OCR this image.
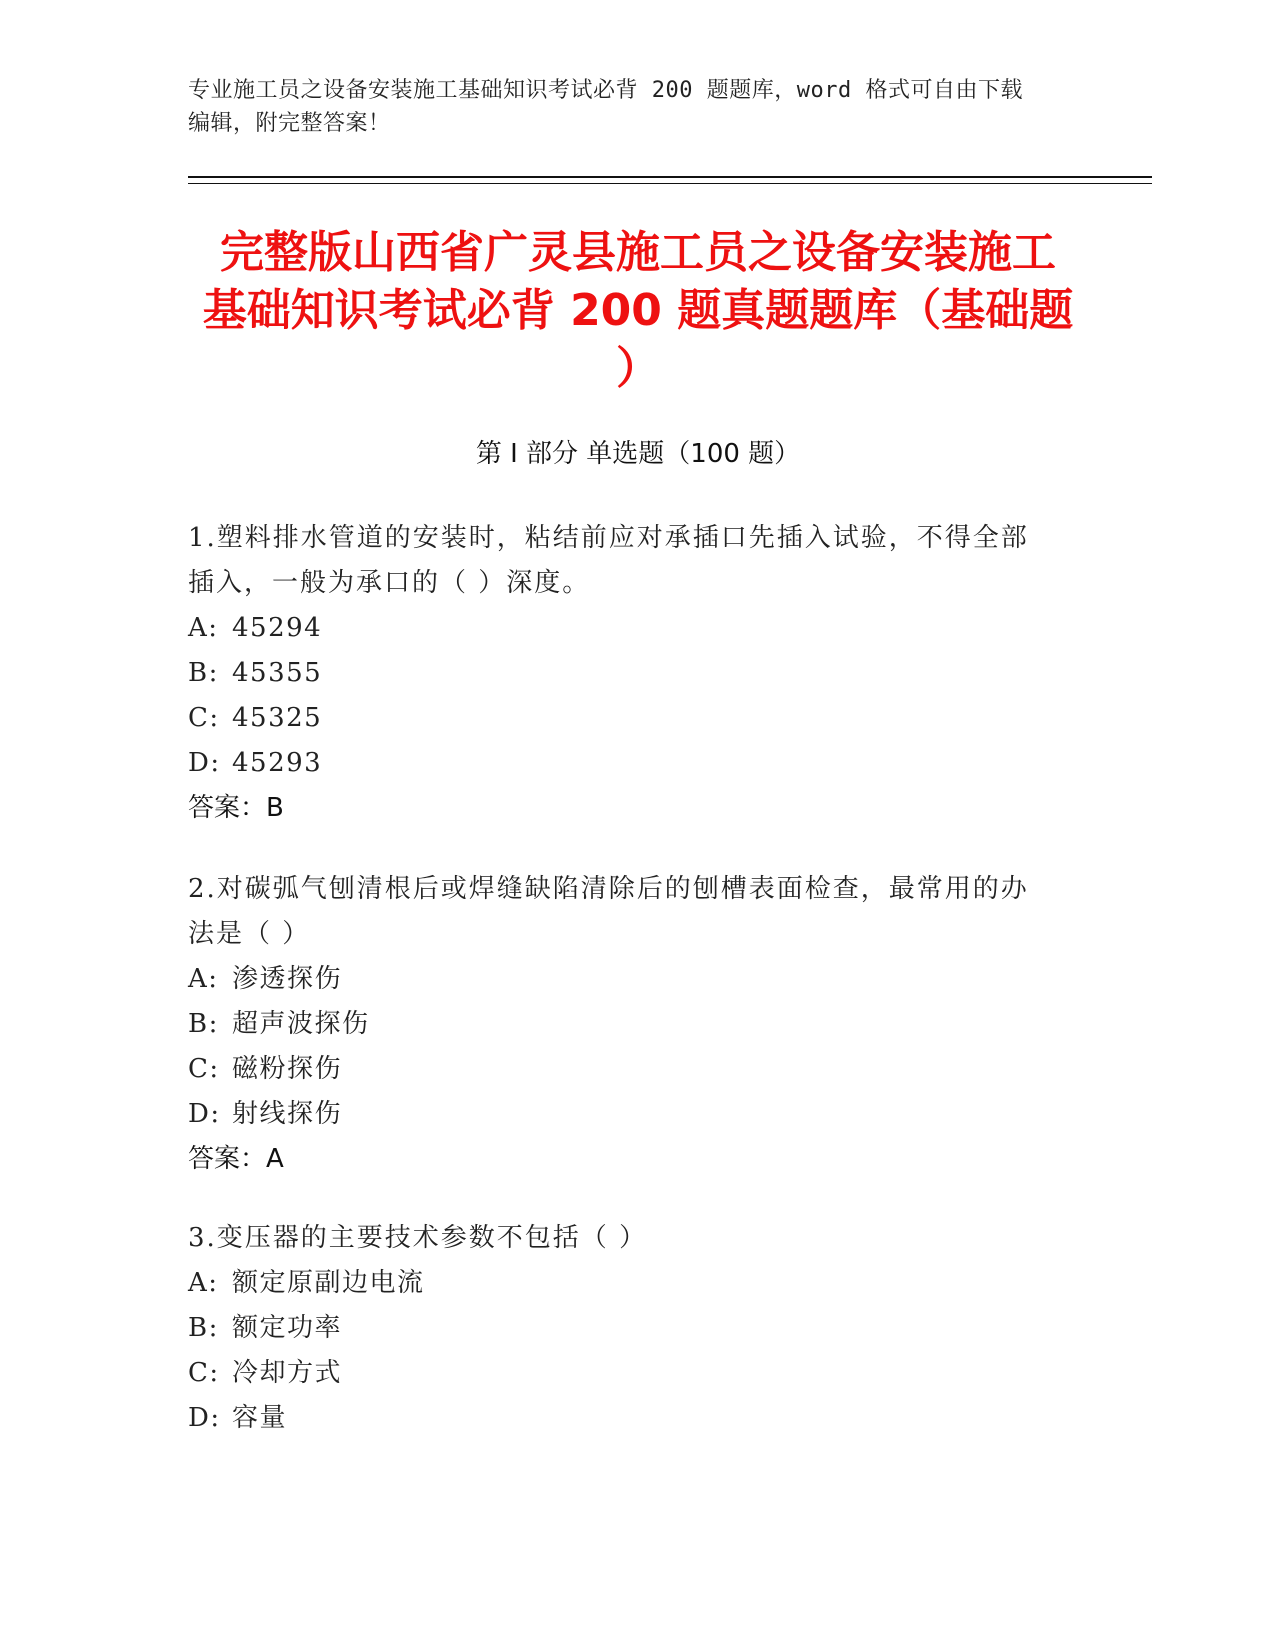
专业施工员之设备安装施工基础知识考试必背 200 题题库，word 格式可自由下载
编辑，附完整答案！
完整版山西省广灵县施工员之设备安装施工
基础知识考试必背 200 题真题题库（基础题
）
第 I 部分 单选题（100 题）

1.塑料排水管道的安装时，粘结前应对承插口先插入试验，不得全部

插入，一般为承口的（ ）深度。

A: 45294

B: 45355

C: 45325

D: 45293

答案：B

2.对碳弧气刨清根后或焊缝缺陷清除后的刨槽表面检查，最常用的办

法是（ ）

A: 渗透探伤

B: 超声波探伤

C: 磁粉探伤

D: 射线探伤

答案：A

3.变压器的主要技术参数不包括（ ）

A: 额定原副边电流

B: 额定功率

C: 冷却方式

D: 容量
